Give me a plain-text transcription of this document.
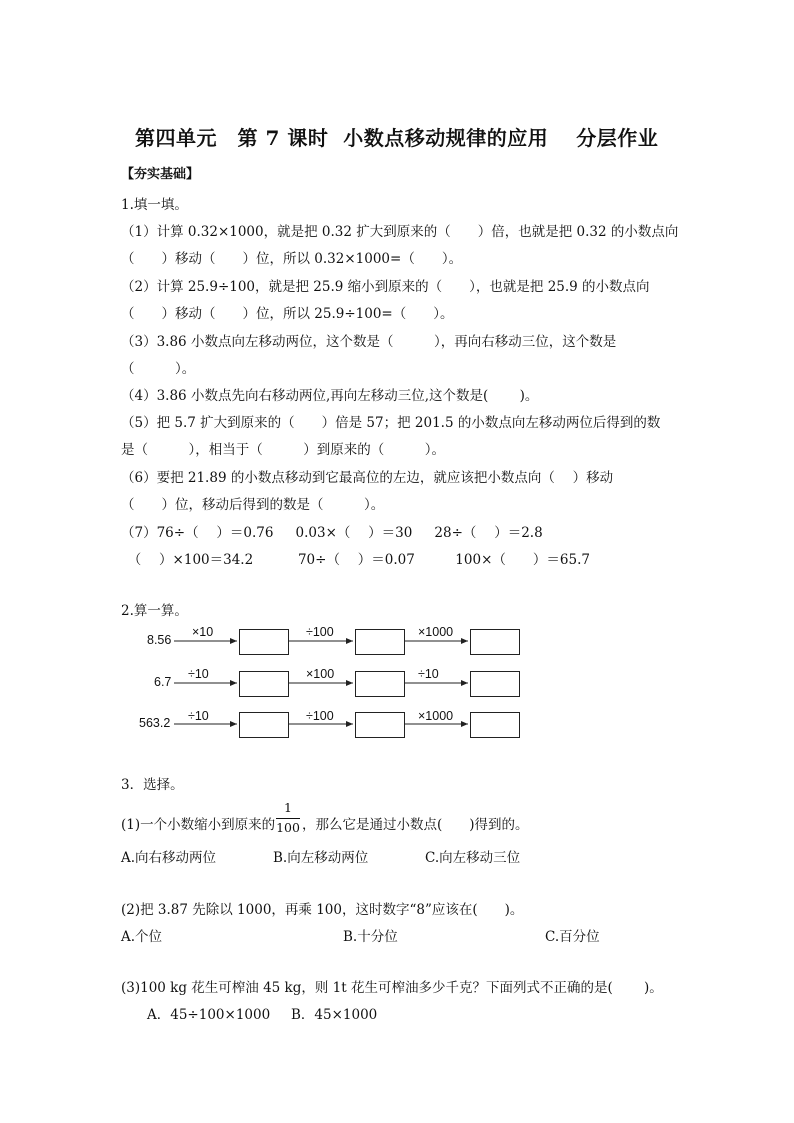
第四单元　第 7 课时  小数点移动规律的应用　 分层作业
【夯实基础】
1.填一填。
（1）计算 0.32×1000，就是把 0.32 扩大到原来的（　　）倍，也就是把 0.32 的小数点向
（　　）移动（　　）位，所以 0.32×1000=（　　）。
（2）计算 25.9÷100，就是把 25.9 缩小到原来的（　　），也就是把 25.9 的小数点向
（　　）移动（　　）位，所以 25.9÷100=（　　）。
（3）3.86 小数点向左移动两位，这个数是（　　　），再向右移动三位，这个数是
（　　　）。
（4）3.86 小数点先向右移动两位,再向左移动三位,这个数是(　　 )。
（5）把 5.7 扩大到原来的（　　）倍是 57；把 201.5 的小数点向左移动两位后得到的数
是（　　　），相当于（　　　）到原来的（　　　）。
（6）要把 21.89 的小数点移动到它最高位的左边，就应该把小数点向（　 ）移动
（　　）位，移动后得到的数是（　　　）。
（7）76÷（　 ）＝0.76　  0.03×（　 ）＝30　  28÷（　 ）＝2.8
　（　 ）×100＝34.2　　　 70÷（　 ）＝0.07　　　100×（　　）＝65.7
2.算一算。
8.56
×10	÷100	×1000
6.7
÷10	×100	÷10
563.2 ÷10	÷100	×1000
3．选择。
(1)一个小数缩小到原来的
1
100 ，那么它是通过小数点(　　)得到的。
A.向右移动两位	B.向左移动两位	C.向左移动三位
(2)把 3.87 先除以 1000，再乘 100，这时数字“8”应该在(　　)。
A.个位	B.十分位	C.百分位
(3)100 kg 花生可榨油 45 kg，则 1t 花生可榨油多少千克？下面列式不正确的是(　　 )。
A．45÷100×1000 B．45×1000
